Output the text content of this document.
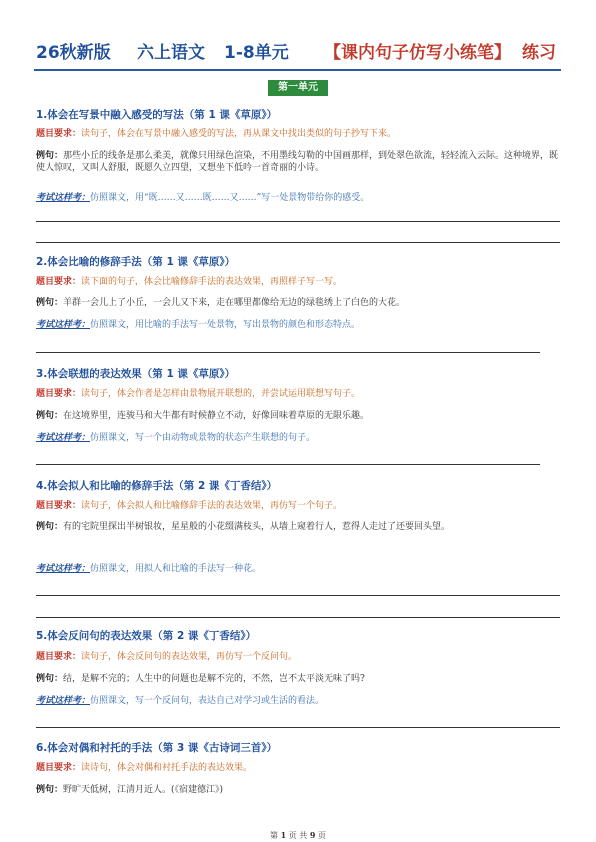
26秋新版 六上语文 1-8单元 【课内句子仿写小练笔】 练习
第一单元
1.体会在写景中融入感受的写法（第 1 课《草原》）
题目要求：读句子，体会在写景中融入感受的写法，再从课文中找出类似的句子抄写下来。
例句：那些小丘的线条是那么柔美，就像只用绿色渲染，不用墨线勾勒的中国画那样，到处翠色欲流，轻轻流入云际。这种境界，既使人惊叹，又叫人舒服，既愿久立四望，又想坐下低吟一首奇丽的小诗。
考试这样考：仿照课文，用“既……又……既……又……”写一处景物带给你的感受。
2.体会比喻的修辞手法（第 1 课《草原》）
题目要求：读下面的句子，体会比喻修辞手法的表达效果，再照样子写一写。
例句：羊群一会儿上了小丘，一会儿又下来，走在哪里都像给无边的绿毯绣上了白色的大花。
考试这样考：仿照课文，用比喻的手法写一处景物，写出景物的颜色和形态特点。
3.体会联想的表达效果（第 1 课《草原》）
题目要求：读句子，体会作者是怎样由景物展开联想的，并尝试运用联想写句子。
例句：在这境界里，连骏马和大牛都有时候静立不动，好像回味着草原的无限乐趣。
考试这样考：仿照课文，写一个由动物或景物的状态产生联想的句子。
4.体会拟人和比喻的修辞手法（第 2 课《丁香结》）
题目要求：读句子，体会拟人和比喻修辞手法的表达效果，再仿写一个句子。
例句：有的宅院里探出半树银妆，星星般的小花缀满枝头，从墙上窥着行人，惹得人走过了还要回头望。
考试这样考：仿照课文，用拟人和比喻的手法写一种花。
5.体会反问句的表达效果（第 2 课《丁香结》）
题目要求：读句子，体会反问句的表达效果，再仿写一个反问句。
例句：结，是解不完的；人生中的问题也是解不完的，不然，岂不太平淡无味了吗?
考试这样考：仿照课文，写一个反问句，表达自己对学习或生活的看法。
6.体会对偶和衬托的手法（第 3 课《古诗词三首》）
题目要求：读诗句，体会对偶和衬托手法的表达效果。
例句：野旷天低树，江清月近人。(《宿建德江》)
第 1 页 共 9 页
